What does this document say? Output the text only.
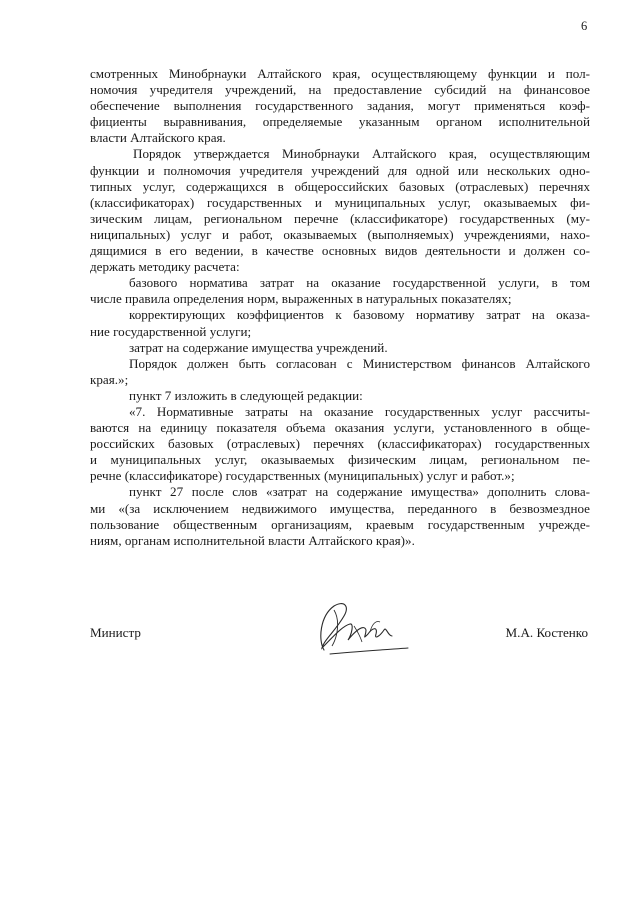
6
смотренных Минобрнауки Алтайского края, осуществляющему функции и пол-
номочия учредителя учреждений, на предоставление субсидий на финансовое
обеспечение выполнения государственного задания, могут применяться коэф-
фициенты выравнивания, определяемые указанным органом исполнительной
власти Алтайского края.
Порядок утверждается Минобрнауки Алтайского края, осуществляющим
функции и полномочия учредителя учреждений для одной или нескольких одно-
типных услуг, содержащихся в общероссийских базовых (отраслевых) перечнях
(классификаторах) государственных и муниципальных услуг, оказываемых фи-
зическим лицам, региональном перечне (классификаторе) государственных (му-
ниципальных) услуг и работ, оказываемых (выполняемых) учреждениями, нахо-
дящимися в его ведении, в качестве основных видов деятельности и должен со-
держать методику расчета:
базового норматива затрат на оказание государственной услуги, в том
числе правила определения норм, выраженных в натуральных показателях;
корректирующих коэффициентов к базовому нормативу затрат на оказа-
ние государственной услуги;
затрат на содержание имущества учреждений.
Порядок должен быть согласован с Министерством финансов Алтайского
края.»;
пункт 7 изложить в следующей редакции:
«7. Нормативные затраты на оказание государственных услуг рассчиты-
ваются на единицу показателя объема оказания услуги, установленного в обще-
российских базовых (отраслевых) перечнях (классификаторах) государственных
и муниципальных услуг, оказываемых физическим лицам, региональном пе-
речне (классификаторе) государственных (муниципальных) услуг и работ.»;
пункт 27 после слов «затрат на содержание имущества» дополнить слова-
ми «(за исключением недвижимого имущества, переданного в безвозмездное
пользование общественным организациям, краевым государственным учрежде-
ниям, органам исполнительной власти Алтайского края)».
Министр	М.А. Костенко
